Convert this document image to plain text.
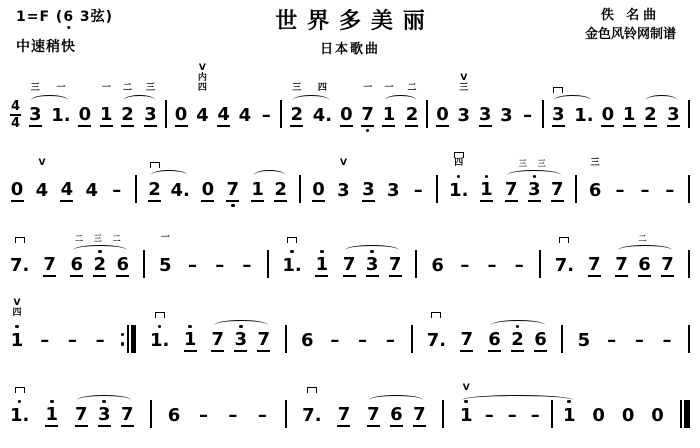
1=F (6 3弦)
中速稍快
世界多美丽
日本歌曲
佚 名曲
金色风铃网制谱
4
4
三
3
一
1. 0
一
1
二
2
三
3 0
V
内
四
4 4 4 –
三
2
四
4. 0
一
7
一
1
二
2 0
V
三
3 3 3 – 3 1. 0 1 2 3
0
V
4 4 4 – 2 4. 0 7 1 2 0
V
3 3 3 –
四
1. 1
三 三
7 3 7
三
6 – – –
7. 7
二 三 二
6 2 6
一
5 – – – 1. 1 7 3 7 6 – – – 7. 7
二
7 6 7
V
四
1 – – –	1. 1 7 3 7 6 – – – 7. 7 6 2 6 5 – – –
1. 1 7 3 7 6 – – – 7. 7 7 6 7
V
1 – – – 1 0 0 0
